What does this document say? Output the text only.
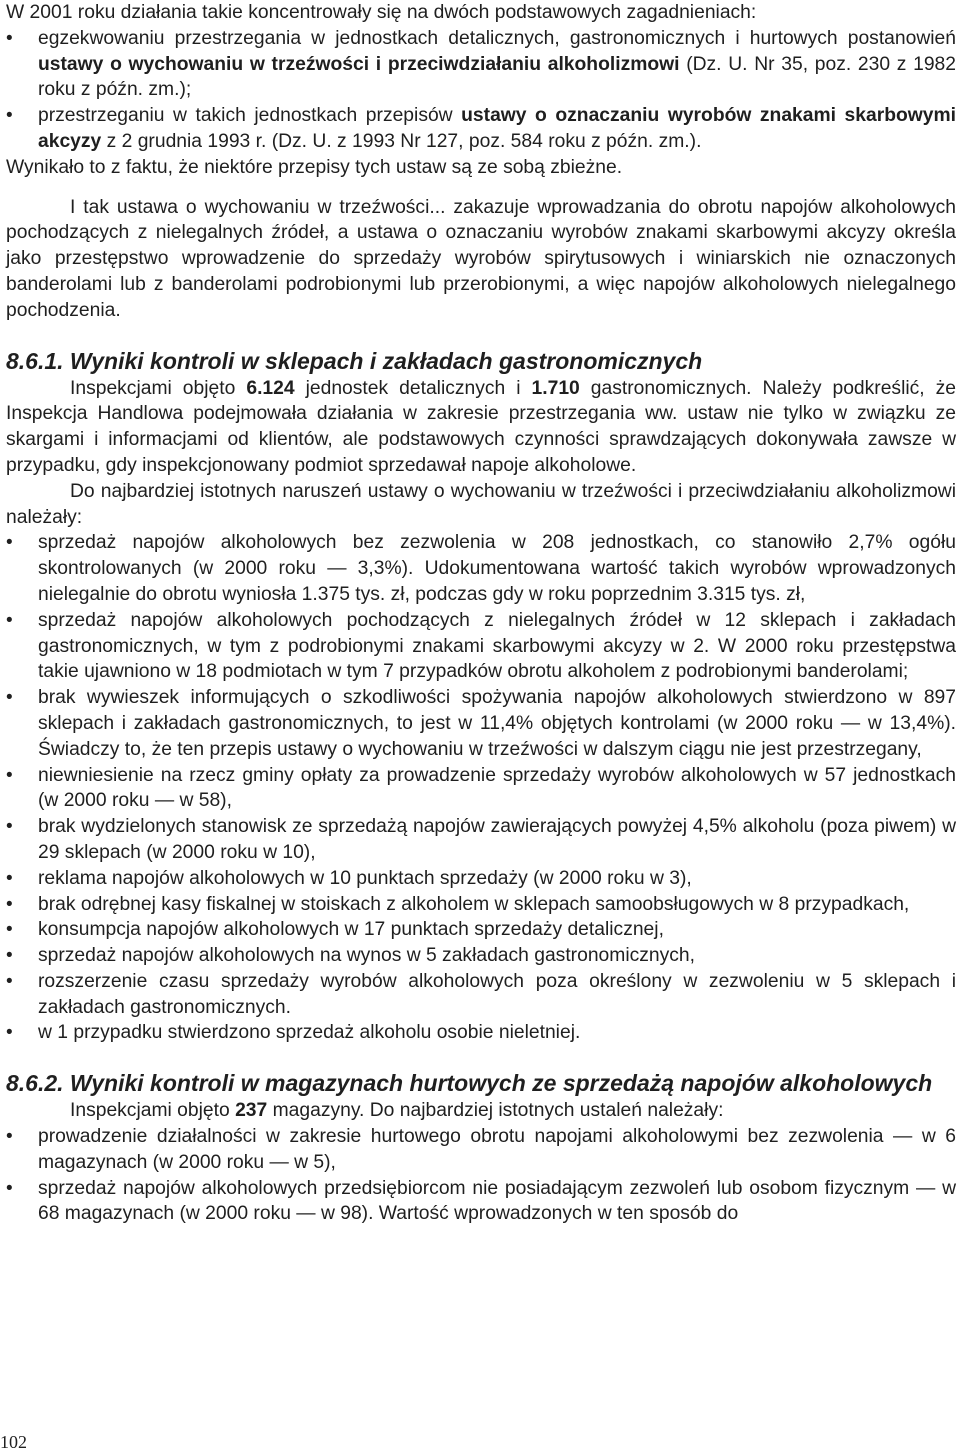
W 2001 roku działania takie koncentrowały się na dwóch podstawowych zagadnieniach:

• egzekwowaniu przestrzegania w jednostkach detalicznych, gastronomicznych i hurtowych postanowień ustawy o wychowaniu w trzeźwości i przeciwdziałaniu alkoholizmowi (Dz. U. Nr 35, poz. 230 z 1982 roku z późn. zm.);
• przestrzeganiu w takich jednostkach przepisów ustawy o oznaczaniu wyrobów znakami skarbowymi akcyzy z 2 grudnia 1993 r. (Dz. U. z 1993 Nr 127, poz. 584 roku z późn. zm.).

Wynikało to z faktu, że niektóre przepisy tych ustaw są ze sobą zbieżne.

I tak ustawa o wychowaniu w trzeźwości... zakazuje wprowadzania do obrotu napojów alkoholowych pochodzących z nielegalnych źródeł, a ustawa o oznaczaniu wyrobów znakami skarbowymi akcyzy określa jako przestępstwo wprowadzenie do sprzedaży wyrobów spirytusowych i winiarskich nie oznaczonych banderolami lub z banderolami podrobionymi lub przerobionymi, a więc napojów alkoholowych nielegalnego pochodzenia.

8.6.1. Wyniki kontroli w sklepach i zakładach gastronomicznych

Inspekcjami objęto 6.124 jednostek detalicznych i 1.710 gastronomicznych. Należy podkreślić, że Inspekcja Handlowa podejmowała działania w zakresie przestrzegania ww. ustaw nie tylko w związku ze skargami i informacjami od klientów, ale podstawowych czynności sprawdzających dokonywała zawsze w przypadku, gdy inspekcjonowany podmiot sprzedawał napoje alkoholowe.

Do najbardziej istotnych naruszeń ustawy o wychowaniu w trzeźwości i przeciwdziałaniu alkoholizmowi należały:

• sprzedaż napojów alkoholowych bez zezwolenia w 208 jednostkach, co stanowiło 2,7% ogółu skontrolowanych (w 2000 roku — 3,3%). Udokumentowana wartość takich wyrobów wprowadzonych nielegalnie do obrotu wyniosła 1.375 tys. zł, podczas gdy w roku poprzednim 3.315 tys. zł,
• sprzedaż napojów alkoholowych pochodzących z nielegalnych źródeł w 12 sklepach i zakładach gastronomicznych, w tym z podrobionymi znakami skarbowymi akcyzy w 2. W 2000 roku przestępstwa takie ujawniono w 18 podmiotach w tym 7 przypadków obrotu alkoholem z podrobionymi banderolami;
• brak wywieszek informujących o szkodliwości spożywania napojów alkoholowych stwierdzono w 897 sklepach i zakładach gastronomicznych, to jest w 11,4% objętych kontrolami (w 2000 roku — w 13,4%). Świadczy to, że ten przepis ustawy o wychowaniu w trzeźwości w dalszym ciągu nie jest przestrzegany,
• niewniesienie na rzecz gminy opłaty za prowadzenie sprzedaży wyrobów alkoholowych w 57 jednostkach (w 2000 roku — w 58),
• brak wydzielonych stanowisk ze sprzedażą napojów zawierających powyżej 4,5% alkoholu (poza piwem) w 29 sklepach (w 2000 roku w 10),
• reklama napojów alkoholowych w 10 punktach sprzedaży (w 2000 roku w 3),
• brak odrębnej kasy fiskalnej w stoiskach z alkoholem w sklepach samoobsługowych w 8 przypadkach,
• konsumpcja napojów alkoholowych w 17 punktach sprzedaży detalicznej,
• sprzedaż napojów alkoholowych na wynos w 5 zakładach gastronomicznych,
• rozszerzenie czasu sprzedaży wyrobów alkoholowych poza określony w zezwoleniu w 5 sklepach i zakładach gastronomicznych.
• w 1 przypadku stwierdzono sprzedaż alkoholu osobie nieletniej.
8.6.2. Wyniki kontroli w magazynach hurtowych ze sprzedażą napojów alkoholowych

Inspekcjami objęto 237 magazyny. Do najbardziej istotnych ustaleń należały:

• prowadzenie działalności w zakresie hurtowego obrotu napojami alkoholowymi bez zezwolenia — w 6 magazynach (w 2000 roku — w 5),
• sprzedaż napojów alkoholowych przedsiębiorcom nie posiadającym zezwoleń lub osobom fizycznym — w 68 magazynach (w 2000 roku — w 98). Wartość wprowadzonych w ten sposób do
102
